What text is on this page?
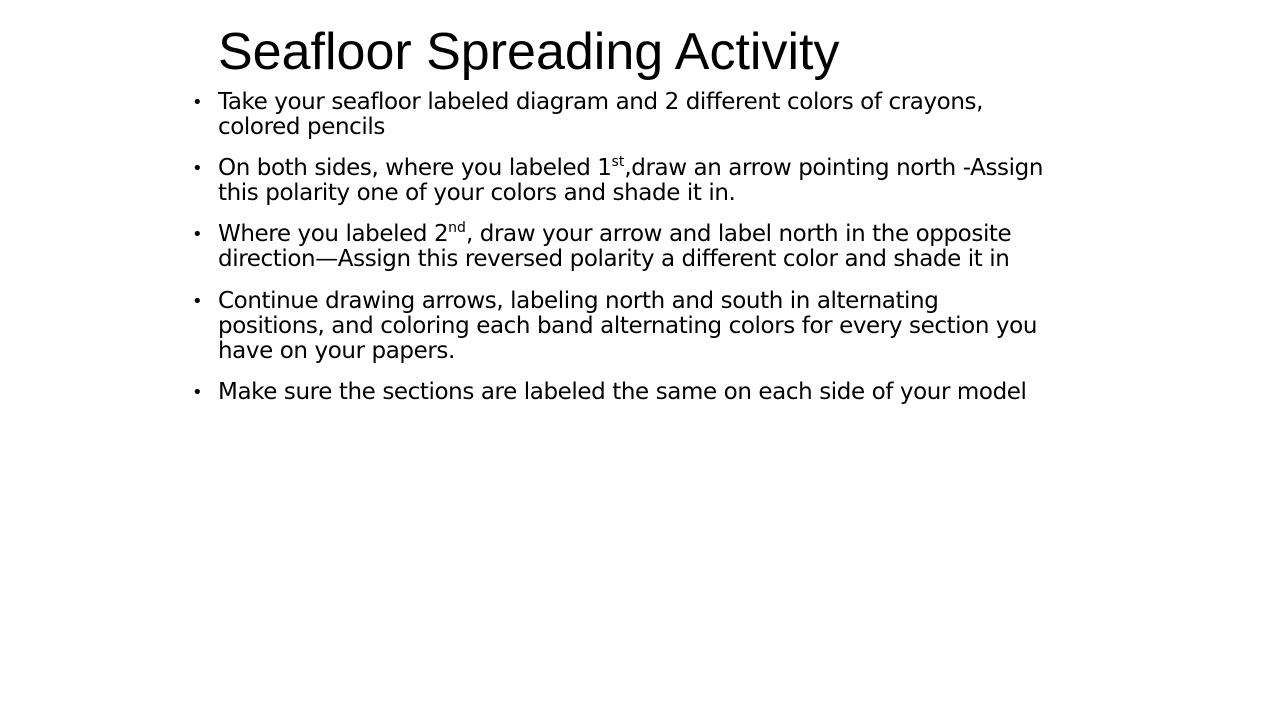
Seafloor Spreading Activity
• Take your seafloor labeled diagram and 2 different colors of crayons, colored pencils
• On both sides, where you labeled 1st,draw an arrow pointing north -Assign this polarity one of your colors and shade it in.
• Where you labeled 2nd, draw your arrow and label north in the opposite direction—Assign this reversed polarity a different color and shade it in
• Continue drawing arrows, labeling north and south in alternating positions, and coloring each band alternating colors for every section you have on your papers.
• Make sure the sections are labeled the same on each side of your model
